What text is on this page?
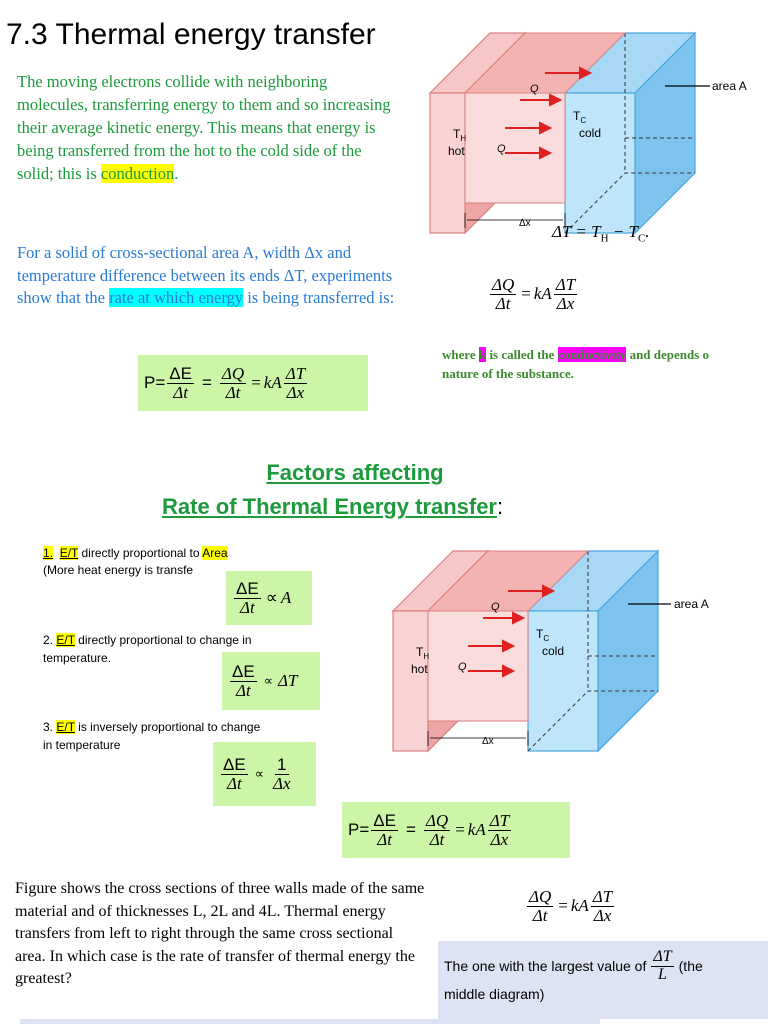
7.3 Thermal energy transfer
The moving electrons collide with neighboring molecules, transferring energy to them and so increasing their average kinetic energy. This means that energy is being transferred from the hot to the cold side of the solid; this is conduction.
For a solid of cross-sectional area A, width Δx and temperature difference between its ends ΔT, experiments show that the rate at which energy is being transferred is:
area A
Q
Q
$T_H$
hot
$T_C$
cold
Δx $\Delta T = T_H - T_C$.
$\frac{\Delta Q}{\Delta t}$ = kA $\frac{\Delta T}{\Delta x}$
where k is called the conductivity and depends o
nature of the substance.
$P= \frac{\Delta E}{\Delta t} = \frac{\Delta Q}{\Delta t}$ = kA $\frac{\Delta T}{\Delta x}$
Factors affecting
Rate of Thermal Energy transfer:
1. E/T directly proportional to Area
(More heat energy is transfe
$\frac{\Delta E}{\Delta t} \propto A$
2. E/T directly proportional to change in
temperature.
$\frac{\Delta E}{\Delta t} \propto \Delta T$
3. E/T is inversely proportional to change
in temperature
$\frac{\Delta E}{\Delta t} \propto \frac{1}{\Delta x}$
area A
Q
Q
$T_H$
hot
$T_C$
cold
Δx
$P= \frac{\Delta E}{\Delta t} = \frac{\Delta Q}{\Delta t}$ = kA $\frac{\Delta T}{\Delta x}$
Figure shows the cross sections of three walls made of the same material and of thicknesses L, 2L and 4L. Thermal energy transfers from left to right through the same cross sectional area. In which case is the rate of transfer of thermal energy the greatest?
$\frac{\Delta Q}{\Delta t}$ = kA $\frac{\Delta T}{\Delta x}$
The one with the largest value of $\frac{\Delta T}{L} (the$
middle diagram)
